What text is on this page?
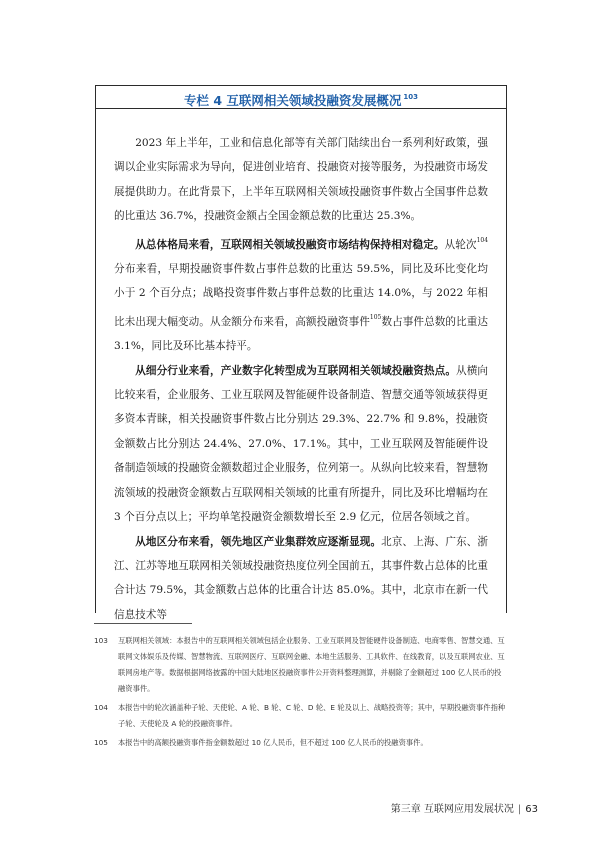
专栏 4 互联网相关领域投融资发展概况 $^{103}$

2023 年上半年，工业和信息化部等有关部门陆续出台一系列利好政策，强调以企业实际需求为导向，促进创业培育、投融资对接等服务，为投融资市场发展提供助力。在此背景下，上半年互联网相关领域投融资事件数占全国事件总数的比重达 36.7%，投融资金额占全国金额总数的比重达 25.3%。

从总体格局来看，互联网相关领域投融资市场结构保持相对稳定。从轮次$^{104}$分布来看，早期投融资事件数占事件总数的比重达 59.5%，同比及环比变化均小于 2 个百分点；战略投资事件数占事件总数的比重达 14.0%，与 2022 年相比未出现大幅变动。从金额分布来看，高额投融资事件$^{105}$数占事件总数的比重达 3.1%，同比及环比基本持平。

从细分行业来看，产业数字化转型成为互联网相关领域投融资热点。从横向比较来看，企业服务、工业互联网及智能硬件设备制造、智慧交通等领域获得更多资本青睐，相关投融资事件数占比分别达 29.3%、22.7% 和 9.8%，投融资金额数占比分别达 24.4%、27.0%、17.1%。其中，工业互联网及智能硬件设备制造领域的投融资金额数超过企业服务，位列第一。从纵向比较来看，智慧物流领域的投融资金额数占互联网相关领域的比重有所提升，同比及环比增幅均在 3 个百分点以上；平均单笔投融资金额数增长至 2.9 亿元，位居各领域之首。

从地区分布来看，领先地区产业集群效应逐渐显现。北京、上海、广东、浙江、江苏等地互联网相关领域投融资热度位列全国前五，其事件数占总体的比重合计达 79.5%，其金额数占总体的比重合计达 85.0%。其中，北京市在新一代信息技术等

103	互联网相关领域：本报告中的互联网相关领域包括企业服务、工业互联网及智能硬件设备制造、电商零售、智慧交通、互联网文体娱乐及传媒、智慧物流、互联网医疗、互联网金融、本地生活服务、工具软件、在线教育，以及互联网农业、互联网房地产等。数据根据网络披露的中国大陆地区投融资事件公开资料整理测算，并剔除了金额超过 100 亿人民币的投融资事件。
104	本报告中的轮次涵盖种子轮、天使轮、A 轮、B 轮、C 轮、D 轮、E 轮及以上、战略投资等；其中，早期投融资事件指种子轮、天使轮及 A 轮的投融资事件。
105	本报告中的高额投融资事件指金额数超过 10 亿人民币，但不超过 100 亿人民币的投融资事件。
第三章 互联网应用发展状况 | 63
